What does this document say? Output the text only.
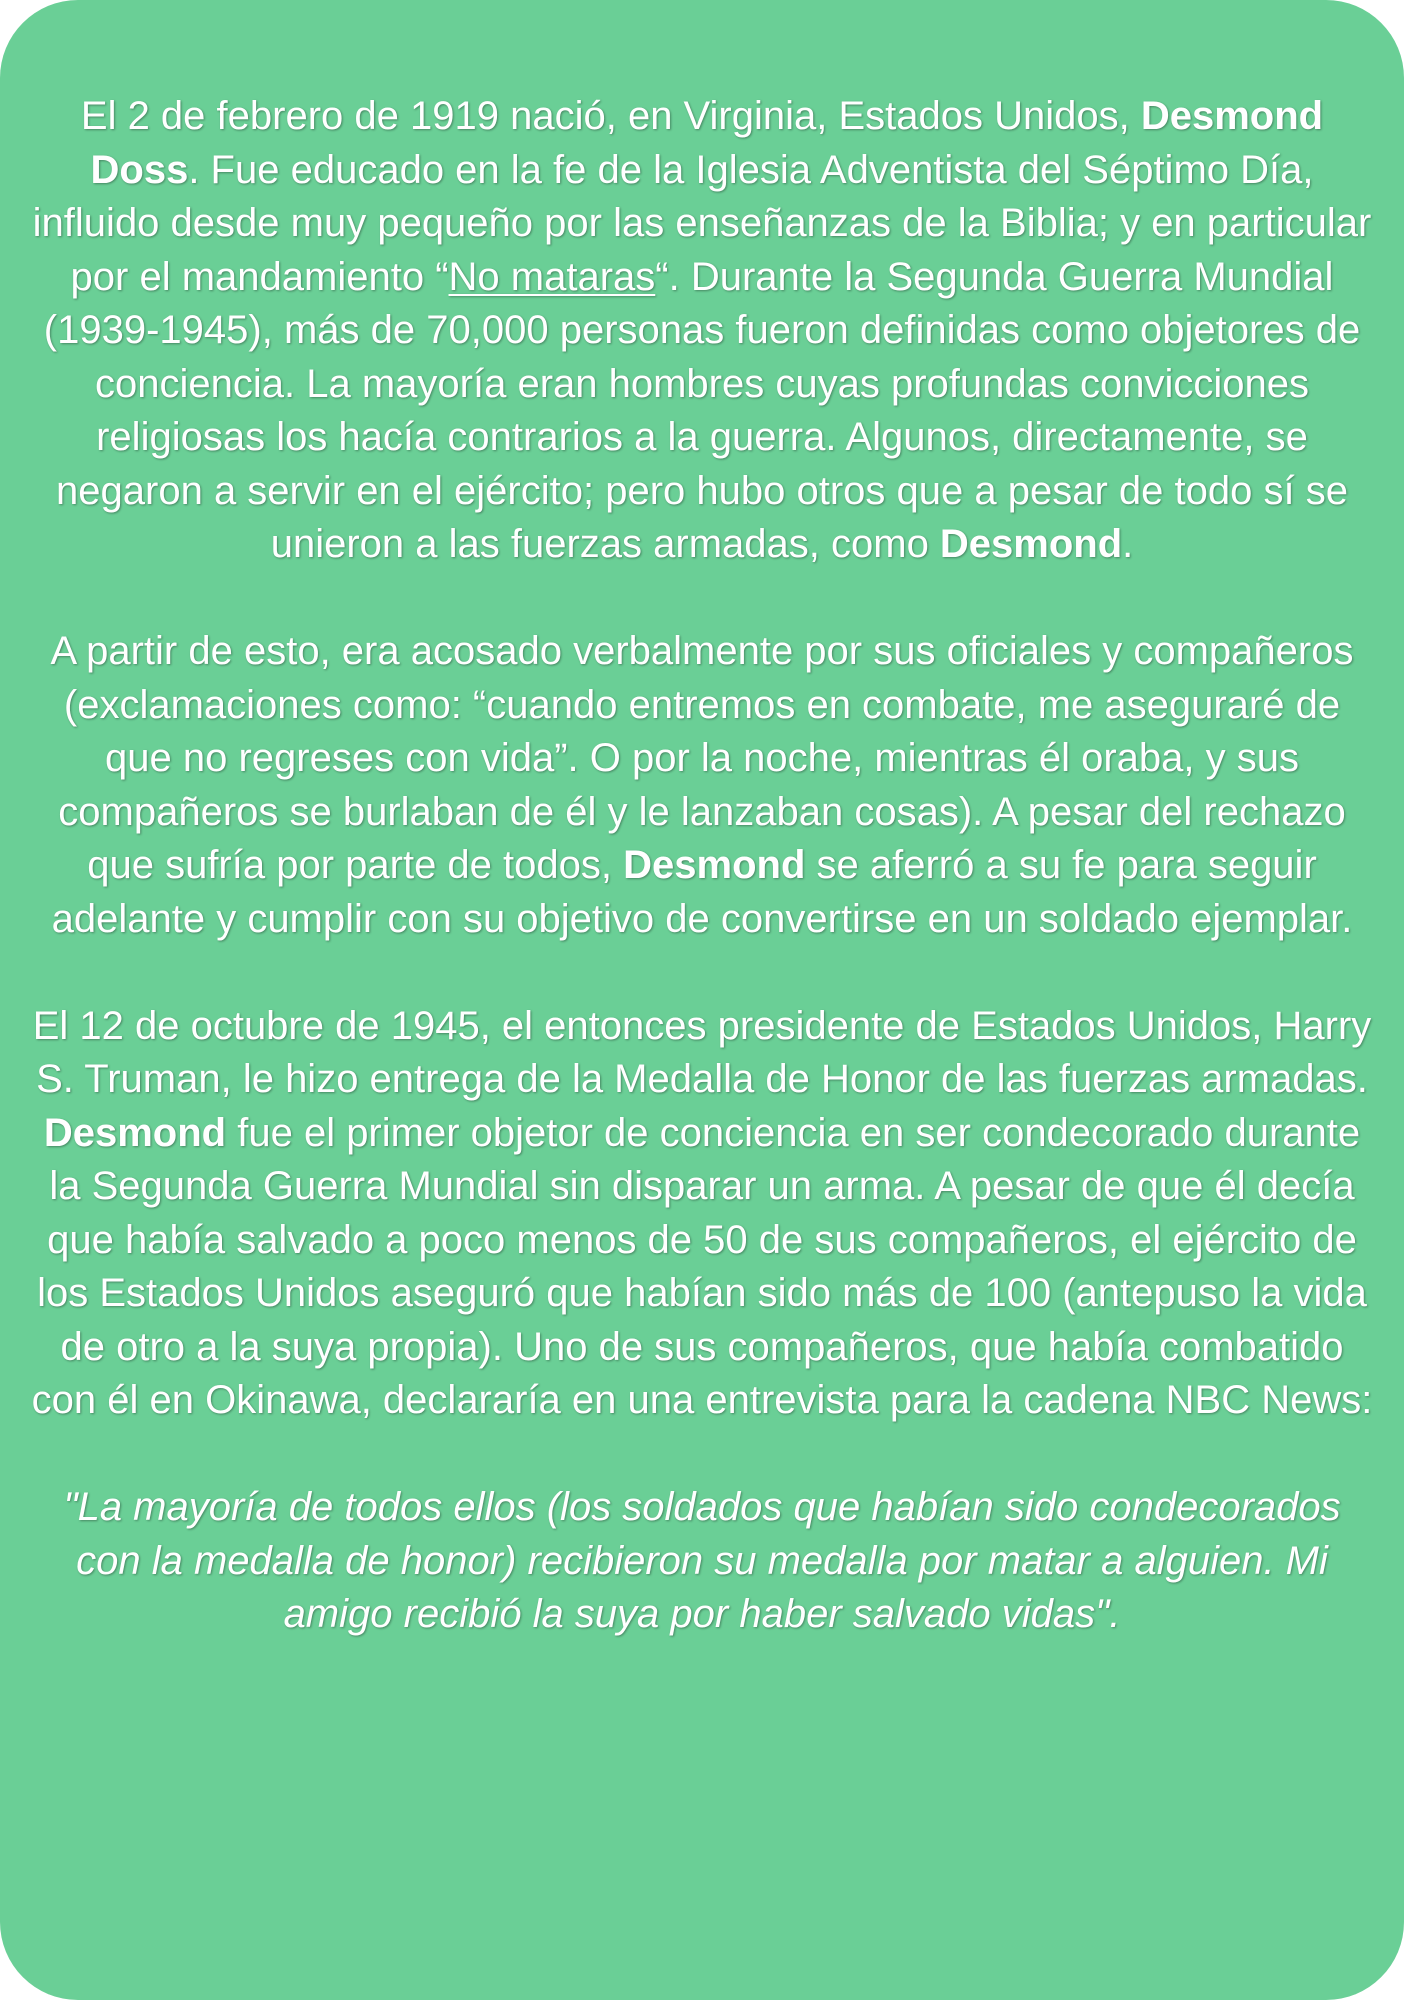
El 2 de febrero de 1919 nació, en Virginia, Estados Unidos, Desmond Doss. Fue educado en la fe de la Iglesia Adventista del Séptimo Día, influido desde muy pequeño por las enseñanzas de la Biblia; y en particular por el mandamiento “No mataras“. Durante la Segunda Guerra Mundial (1939-1945), más de 70,000 personas fueron definidas como objetores de conciencia. La mayoría eran hombres cuyas profundas convicciones religiosas los hacía contrarios a la guerra. Algunos, directamente, se negaron a servir en el ejército; pero hubo otros que a pesar de todo sí se unieron a las fuerzas armadas, como Desmond.

A partir de esto, era acosado verbalmente por sus oficiales y compañeros (exclamaciones como: “cuando entremos en combate, me aseguraré de que no regreses con vida”. O por la noche, mientras él oraba, y sus compañeros se burlaban de él y le lanzaban cosas). A pesar del rechazo que sufría por parte de todos, Desmond se aferró a su fe para seguir adelante y cumplir con su objetivo de convertirse en un soldado ejemplar.

El 12 de octubre de 1945, el entonces presidente de Estados Unidos, Harry S. Truman, le hizo entrega de la Medalla de Honor de las fuerzas armadas. Desmond fue el primer objetor de conciencia en ser condecorado durante la Segunda Guerra Mundial sin disparar un arma. A pesar de que él decía que había salvado a poco menos de 50 de sus compañeros, el ejército de los Estados Unidos aseguró que habían sido más de 100 (antepuso la vida de otro a la suya propia). Uno de sus compañeros, que había combatido con él en Okinawa, declararía en una entrevista para la cadena NBC News:

"La mayoría de todos ellos (los soldados que habían sido condecorados con la medalla de honor) recibieron su medalla por matar a alguien. Mi amigo recibió la suya por haber salvado vidas".
